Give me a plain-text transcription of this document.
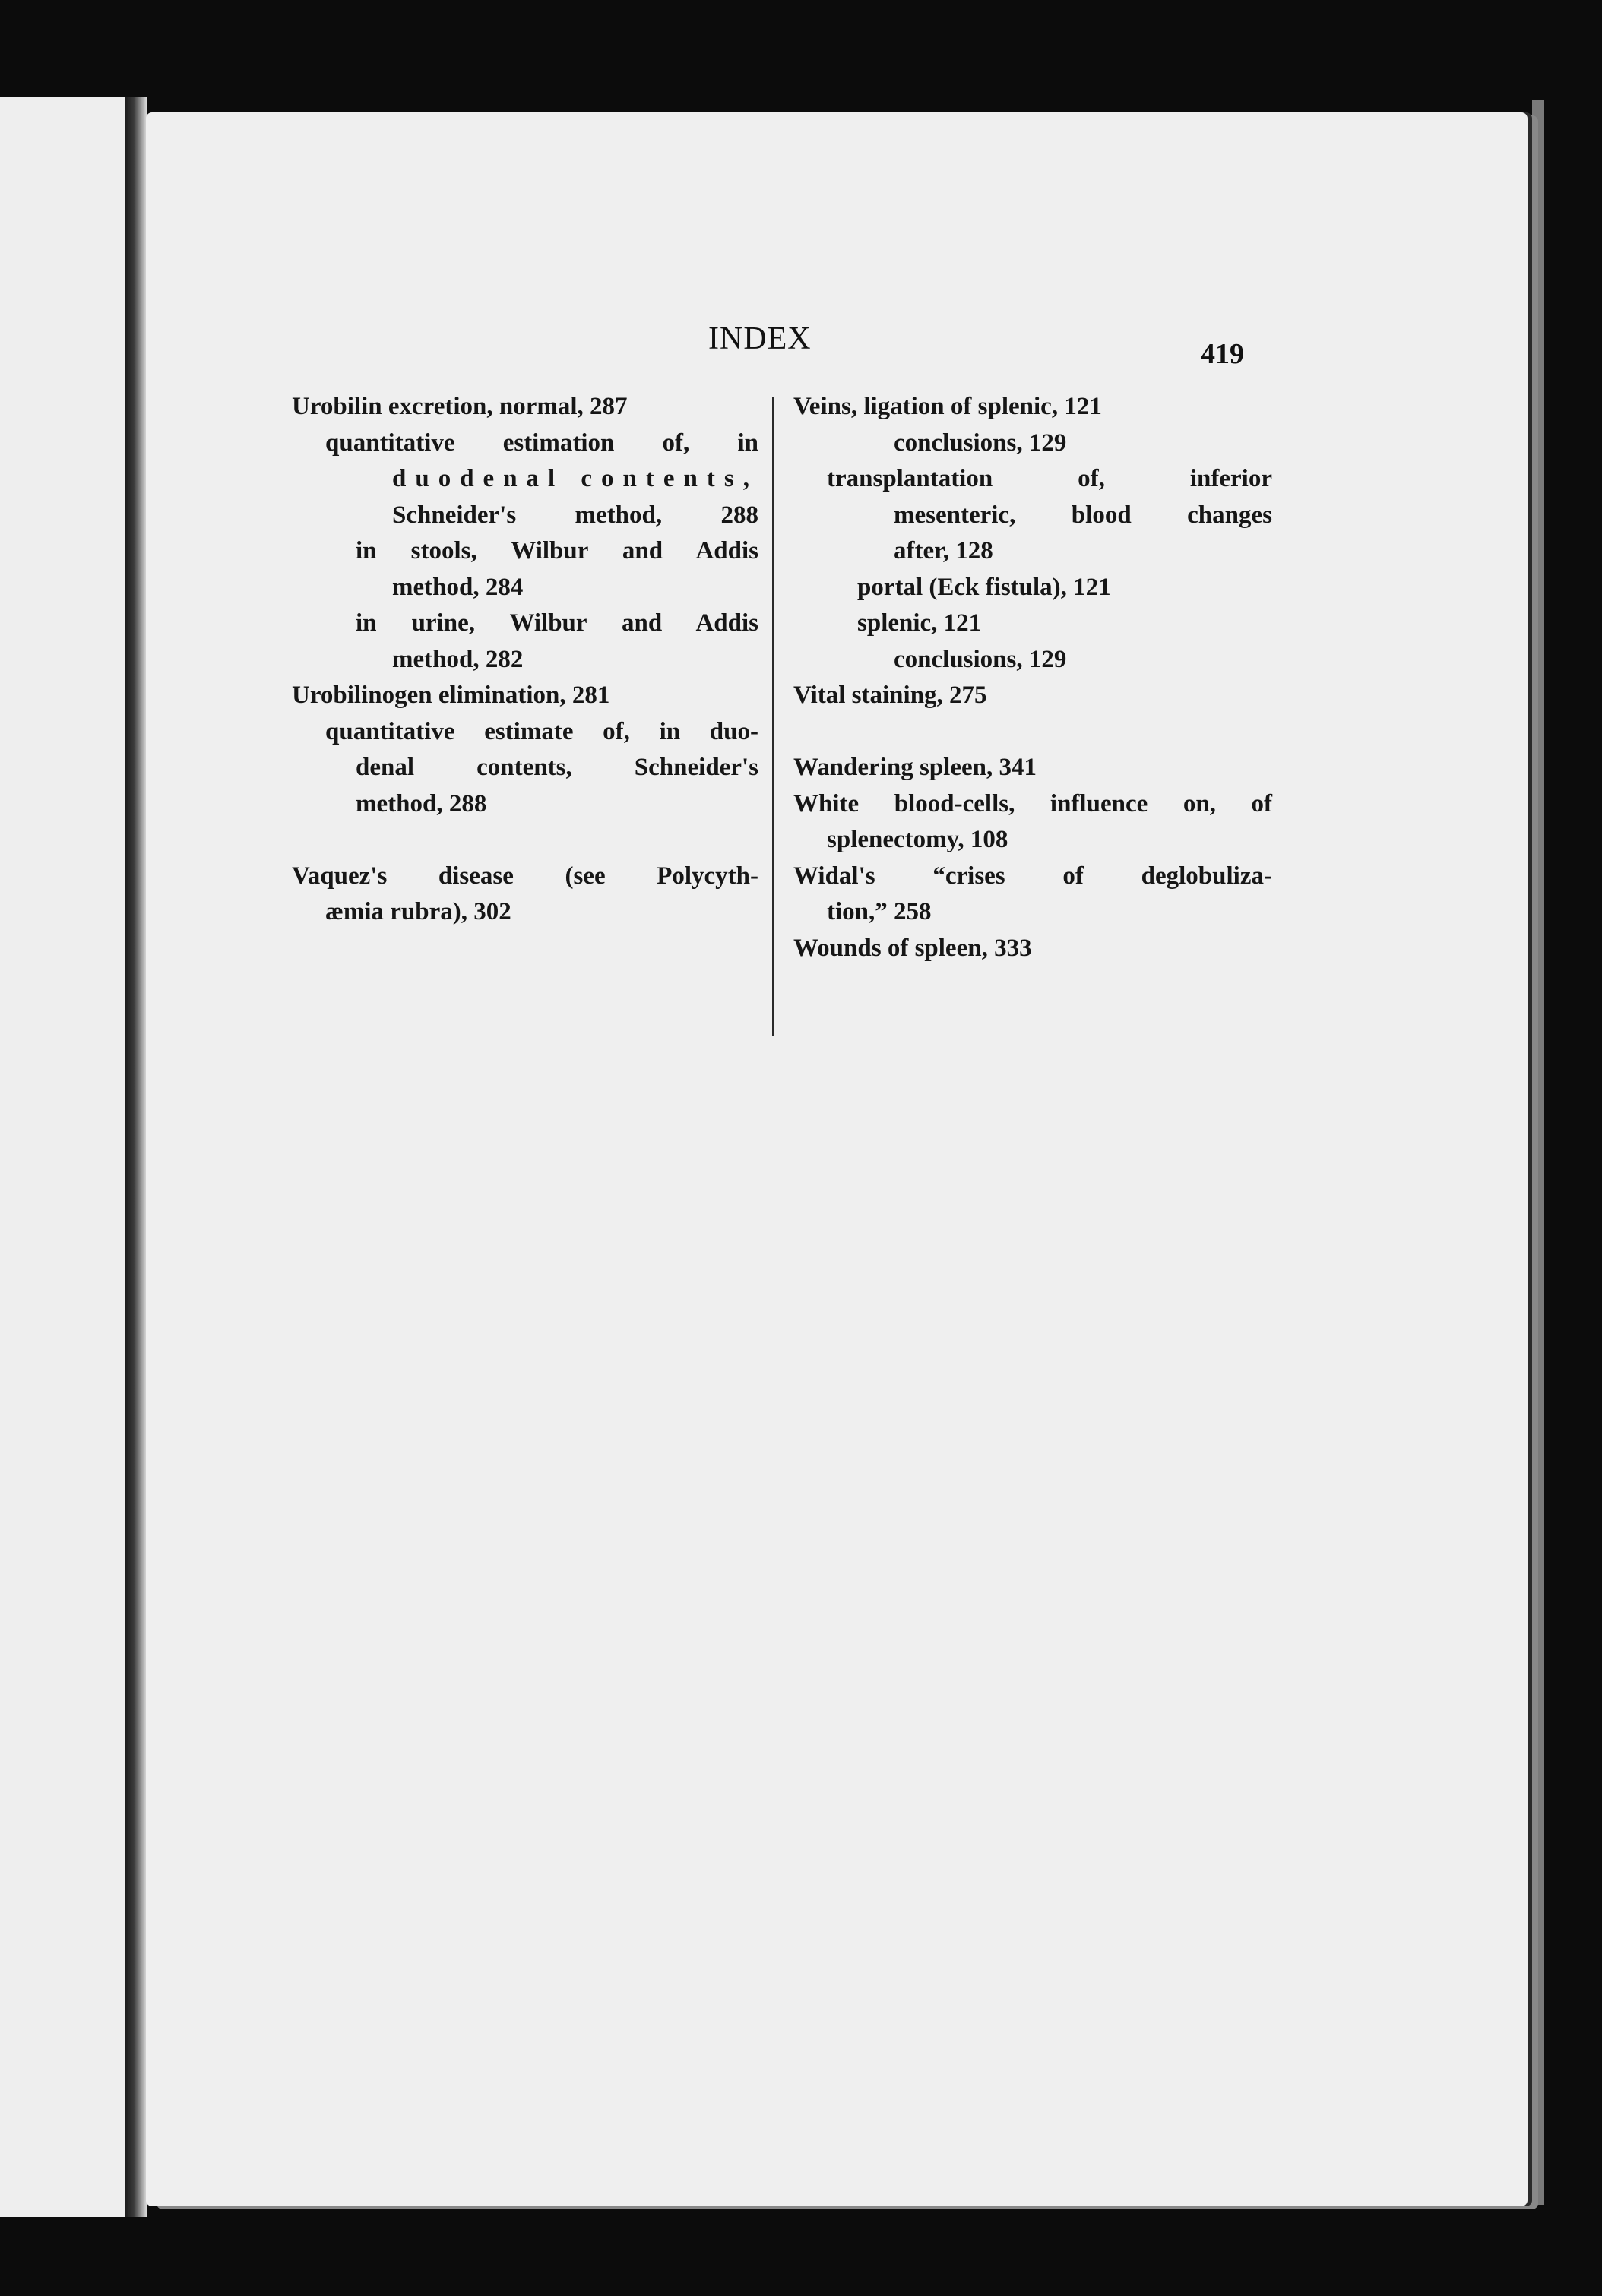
INDEX	419
Urobilin excretion, normal, 287
quantitative estimation of, in
duodenal contents,
Schneider's method, 288
in stools, Wilbur and Addis
method, 284
in urine, Wilbur and Addis
method, 282
Urobilinogen elimination, 281
quantitative estimate of, in duo-
denal contents, Schneider's
method, 288
Vaquez's disease (see Polycyth-
æmia rubra), 302
Veins, ligation of splenic, 121
conclusions, 129
transplantation of, inferior
mesenteric, blood changes
after, 128
portal (Eck fistula), 121
splenic, 121
conclusions, 129
Vital staining, 275
Wandering spleen, 341
White blood-cells, influence on, of
splenectomy, 108
Widal's “crises of deglobuliza-
tion,” 258
Wounds of spleen, 333
